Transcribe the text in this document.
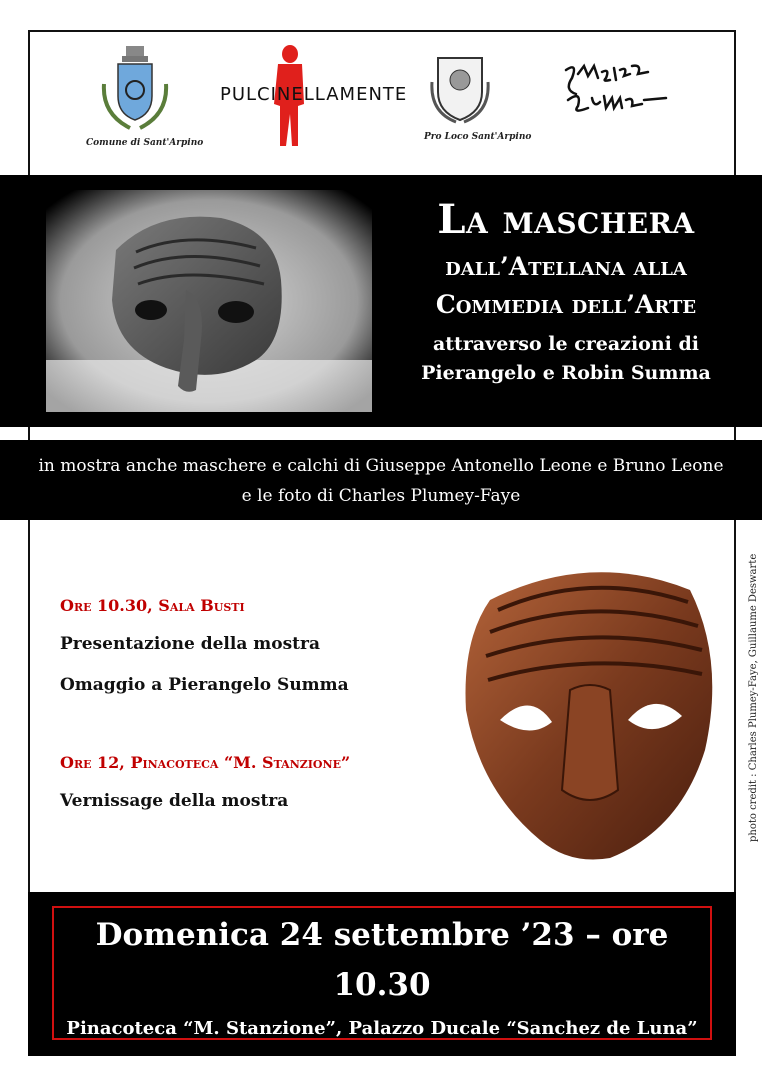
Comune di Sant'Arpino
PULCINELLAMENTE
Pro Loco Sant'Arpino
La maschera
dall’Atellana alla
Commedia dell’Arte
attraverso le creazioni di
Pierangelo e Robin Summa
in mostra anche maschere e calchi di Giuseppe Antonello Leone e Bruno Leone
e le foto di Charles Plumey-Faye
Ore 10.30, Sala Busti
Presentazione della mostra
Omaggio a Pierangelo Summa
Ore 12, Pinacoteca “M. Stanzione”
Vernissage della mostra	photo credit : Charles Plumey-Faye, Guillaume Deswarte
Domenica 24 settembre ’23 – ore 10.30
Pinacoteca “M. Stanzione”, Palazzo Ducale “Sanchez de Luna”
Piazza Macrì - Sant’Arpino (CE)
